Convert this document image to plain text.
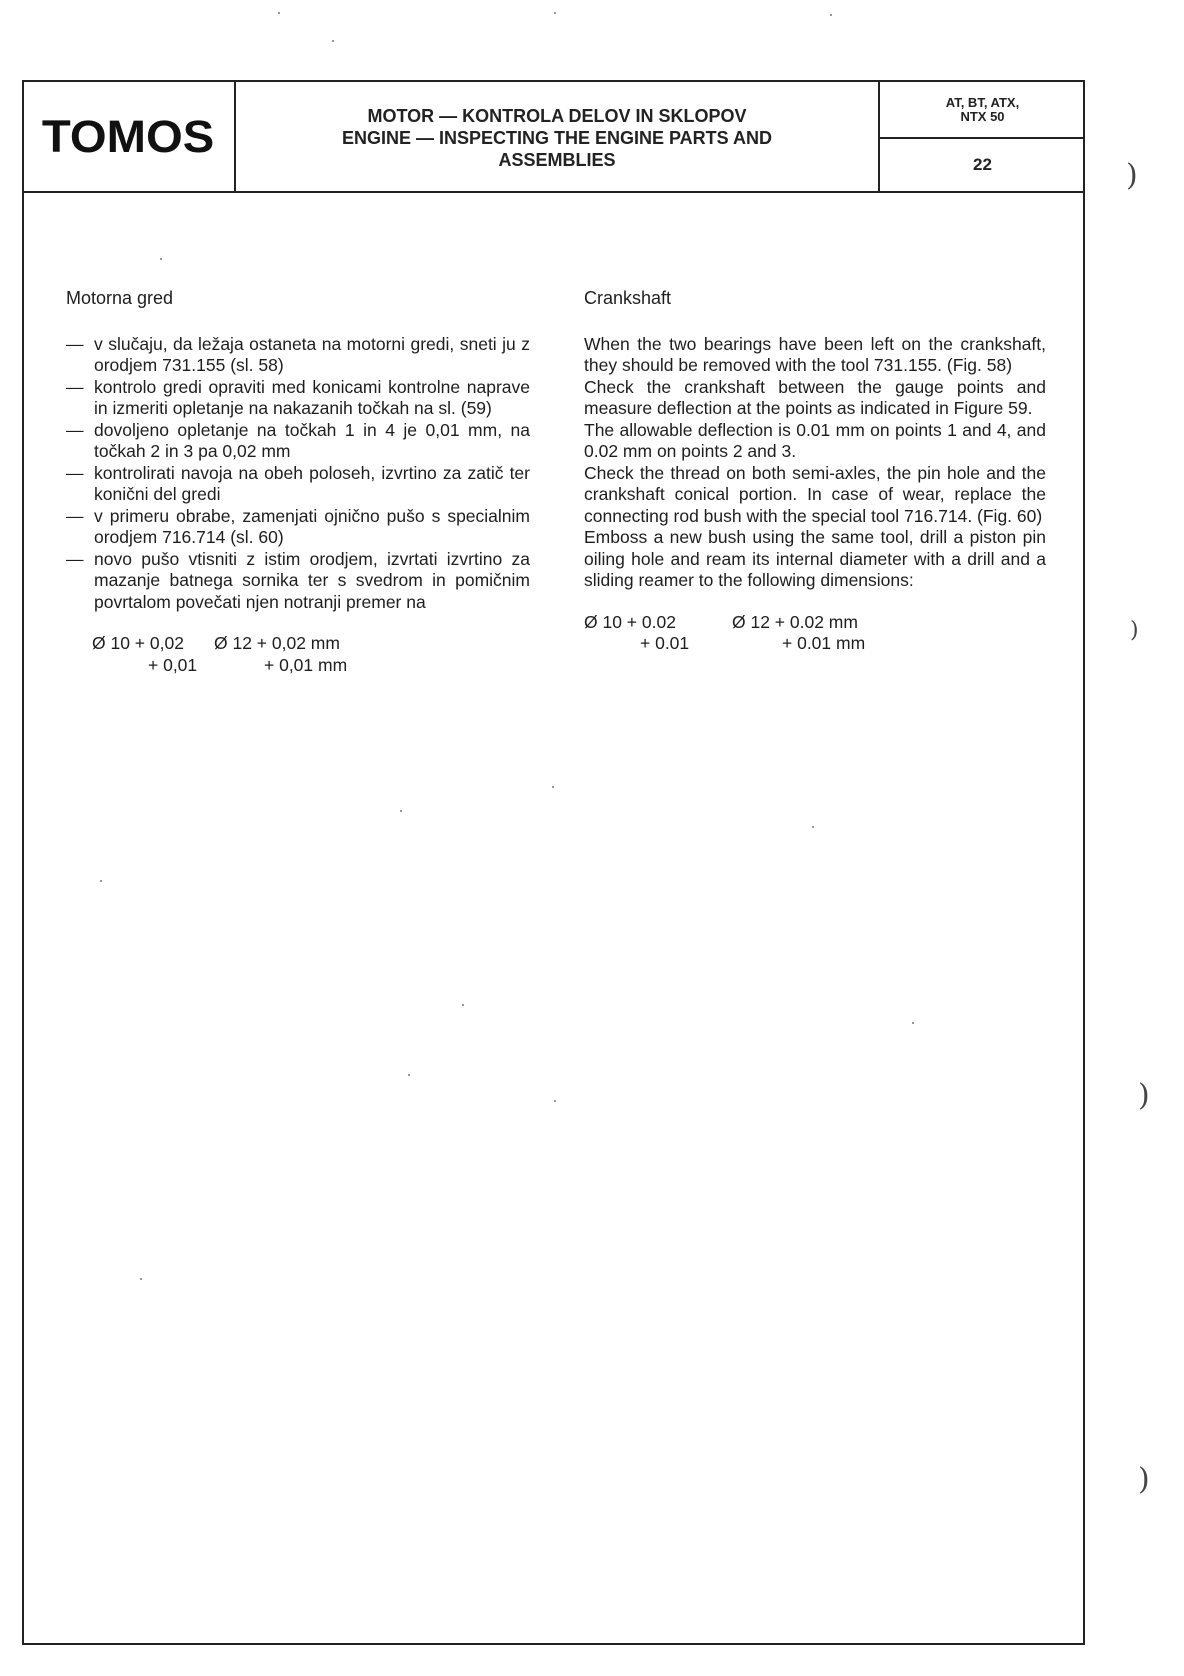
TOMOS	MOTOR — KONTROLA DELOV IN SKLOPOV
ENGINE — INSPECTING THE ENGINE PARTS AND
ASSEMBLIES
AT, BT, ATX,
NTX 50
22
Motorna gred
— v slučaju, da ležaja ostaneta na motorni gredi, sneti ju z orodjem 731.155 (sl. 58)
— kontrolo gredi opraviti med konicami kontrolne naprave in izmeriti opletanje na nakazanih točkah na sl. (59)
— dovoljeno opletanje na točkah 1 in 4 je 0,01 mm, na točkah 2 in 3 pa 0,02 mm
— kontrolirati navoja na obeh poloseh, izvrtino za zatič ter konični del gredi
— v primeru obrabe, zamenjati ojnično pušo s specialnim orodjem 716.714 (sl. 60)
— novo pušo vtisniti z istim orodjem, izvrtati izvrtino za mazanje batnega sornika ter s svedrom in pomičnim povrtalom povečati njen notranji premer na
Ø 10 + 0,02	Ø 12 + 0,02 mm
+ 0,01	+ 0,01 mm
Crankshaft

When the two bearings have been left on the crankshaft, they should be removed with the tool 731.155. (Fig. 58)

Check the crankshaft between the gauge points and measure deflection at the points as indicated in Figure 59.

The allowable deflection is 0.01 mm on points 1 and 4, and 0.02 mm on points 2 and 3.

Check the thread on both semi-axles, the pin hole and the crankshaft conical portion. In case of wear, replace the connecting rod bush with the special tool 716.714. (Fig. 60)

Emboss a new bush using the same tool, drill a piston pin oiling hole and ream its internal diameter with a drill and a sliding reamer to the following dimensions:

Ø 10 + 0.02	Ø 12 + 0.02 mm
+ 0.01	+ 0.01 mm
)
)
)
)
